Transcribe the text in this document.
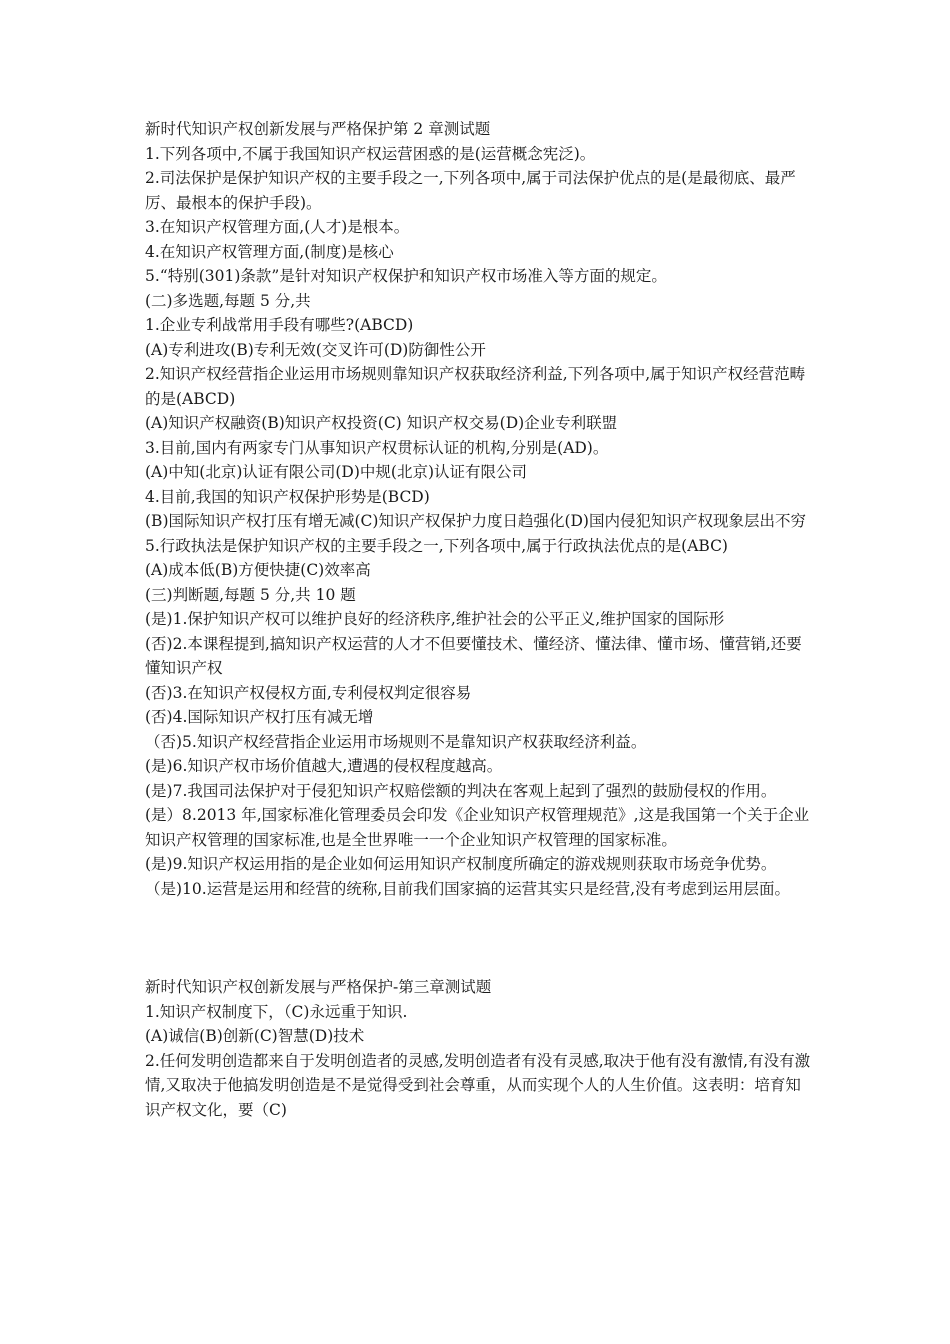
新时代知识产权创新发展与严格保护第 2 章测试题
1.下列各项中,不属于我国知识产权运营困惑的是(运营概念宪泛)。
2.司法保护是保护知识产权的主要手段之一,下列各项中,属于司法保护优点的是(是最彻底、最严厉、最根本的保护手段)。
3.在知识产权管理方面,(人才)是根本。
4.在知识产权管理方面,(制度)是核心
5.“特别(301)条款”是针对知识产权保护和知识产权市场准入等方面的规定。
(二)多选题,每题 5 分,共
1.企业专利战常用手段有哪些?(ABCD)
(A)专利进攻(B)专利无效(交叉许可(D)防御性公开
2.知识产权经营指企业运用市场规则靠知识产权获取经济利益,下列各项中,属于知识产权经营范畴的是(ABCD)
(A)知识产权融资(B)知识产权投资(C) 知识产权交易(D)企业专利联盟
3.目前,国内有两家专门从事知识产权贯标认证的机构,分别是(AD)。
(A)中知(北京)认证有限公司(D)中规(北京)认证有限公司
4.目前,我国的知识产权保护形势是(BCD)
(B)国际知识产权打压有增无减(C)知识产权保护力度日趋强化(D)国内侵犯知识产权现象层出不穷
5.行政执法是保护知识产权的主要手段之一,下列各项中,属于行政执法优点的是(ABC)
(A)成本低(B)方便快捷(C)效率高
(三)判断题,每题 5 分,共 10 题
(是)1.保护知识产权可以维护良好的经济秩序,维护社会的公平正义,维护国家的国际形
(否)2.本课程提到,搞知识产权运营的人才不但要懂技术、懂经济、懂法律、懂市场、懂营销,还要懂知识产权
(否)3.在知识产权侵权方面,专利侵权判定很容易
(否)4.国际知识产权打压有减无增
（否)5.知识产权经营指企业运用市场规则不是靠知识产权获取经济利益。
(是)6.知识产权市场价值越大,遭遇的侵权程度越高。
(是)7.我国司法保护对于侵犯知识产权赔偿额的判决在客观上起到了强烈的鼓励侵权的作用。
(是）8.2013 年,国家标准化管理委员会印发《企业知识产权管理规范》,这是我国第一个关于企业知识产权管理的国家标准,也是全世界唯一一个企业知识产权管理的国家标准。
(是)9.知识产权运用指的是企业如何运用知识产权制度所确定的游戏规则获取市场竞争优势。
（是)10.运营是运用和经营的统称,目前我们国家搞的运营其实只是经营,没有考虑到运用层面。
新时代知识产权创新发展与严格保护-第三章测试题
1.知识产权制度下，（C)永远重于知识.
(A)诚信(B)创新(C)智慧(D)技术
2.任何发明创造都来自于发明创造者的灵感,发明创造者有没有灵感,取决于他有没有激情,有没有激情,又取决于他搞发明创造是不是觉得受到社会尊重，从而实现个人的人生价值。这表明：培育知识产权文化，要（C)
